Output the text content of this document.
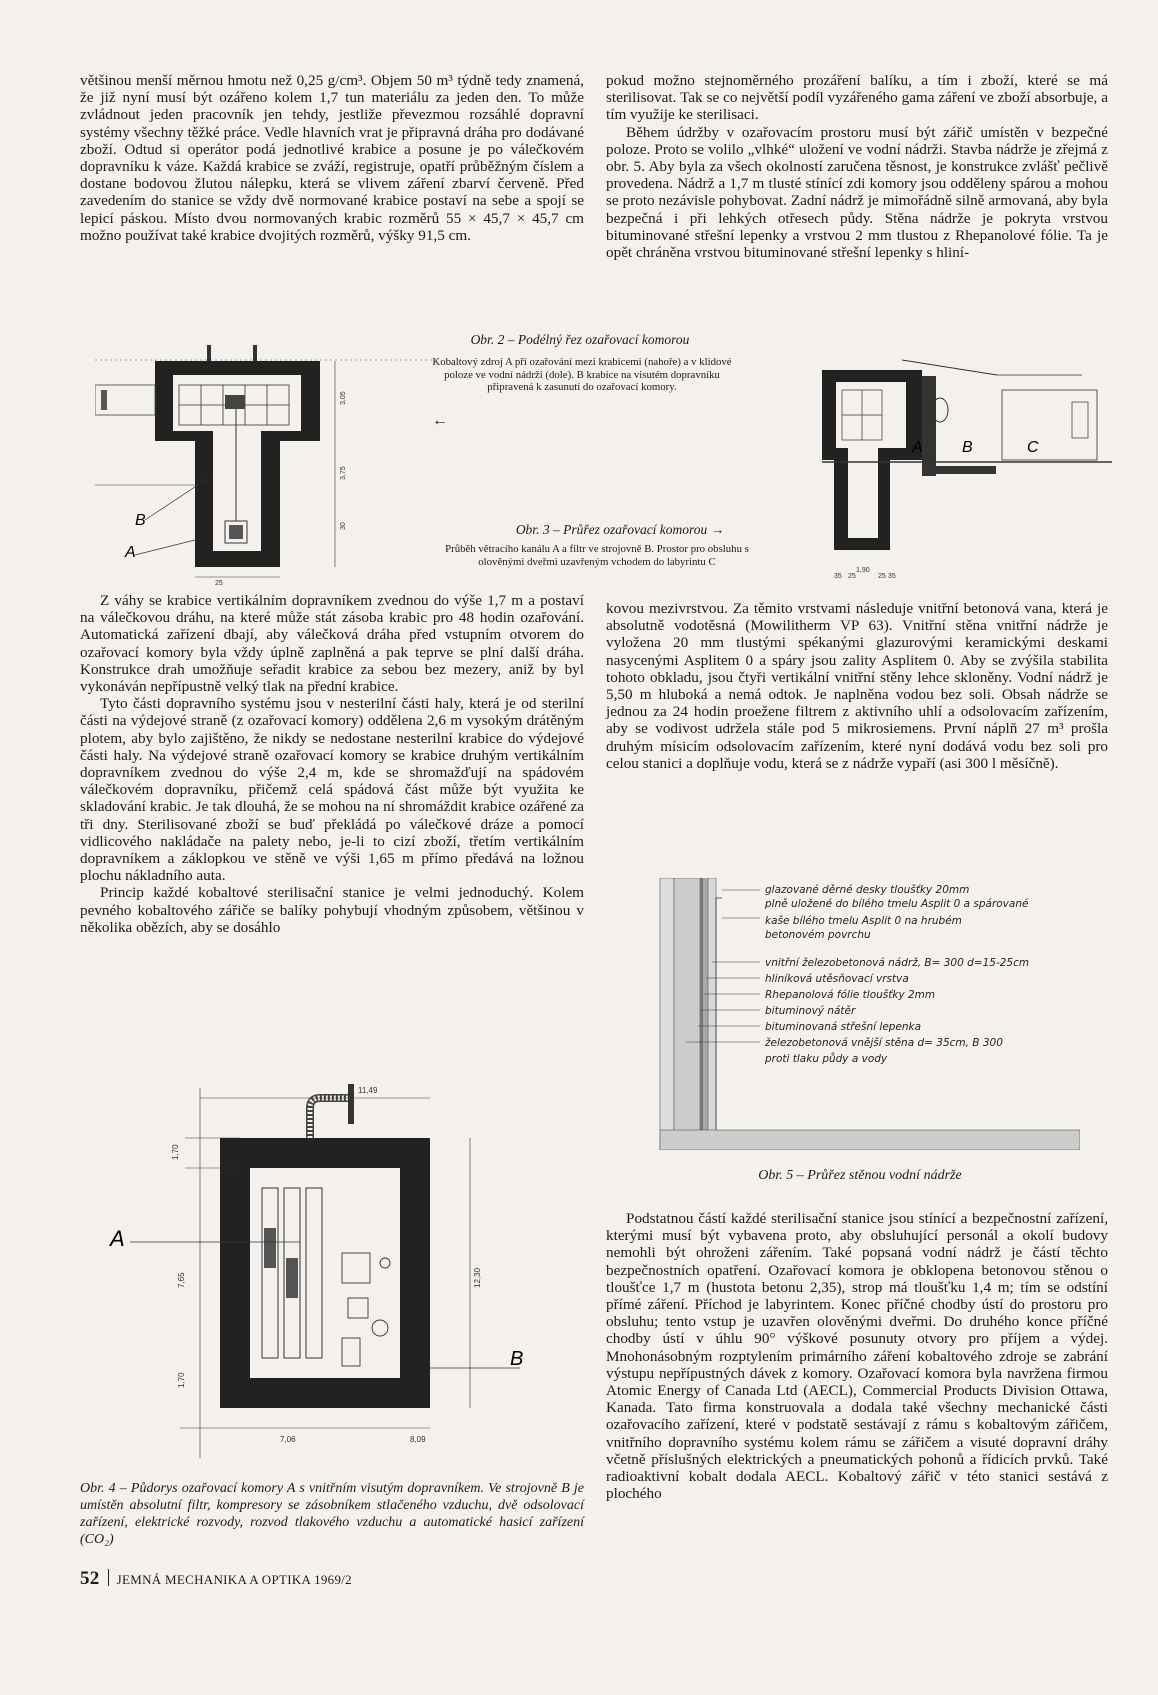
většinou menší měrnou hmotu než 0,25 g/cm³. Objem 50 m³ týdně tedy znamená, že již nyní musí být ozářeno kolem 1,7 tun materiálu za jeden den. To může zvládnout jeden pracovník jen tehdy, jestliže převezmou rozsáhlé dopravní systémy všechny těžké práce. Vedle hlavních vrat je připravná dráha pro dodávané zboží. Odtud si operátor podá jednotlivé krabice a posune je po válečkovém dopravníku k váze. Každá krabice se zváží, registruje, opatří průběžným číslem a dostane bodovou žlutou nálepku, která se vlivem záření zbarví červeně. Před zavedením do stanice se vždy dvě normované krabice postaví na sebe a spojí se lepicí páskou. Místo dvou normovaných krabic rozměrů 55 × 45,7 × 45,7 cm možno používat také krabice dvojitých rozměrů, výšky 91,5 cm.

pokud možno stejnoměrného prozáření balíku, a tím i zboží, které se má sterilisovat. Tak se co největší podíl vyzářeného gama záření ve zboží absorbuje, a tím využije ke sterilisaci.

Během údržby v ozařovacím prostoru musí být zářič umístěn v bezpečné poloze. Proto se volilo „vlhké“ uložení ve vodní nádrži. Stavba nádrže je zřejmá z obr. 5. Aby byla za všech okolností zaručena těsnost, je konstrukce zvlášť pečlivě provedena. Nádrž a 1,7 m tlusté stínící zdi komory jsou odděleny spárou a mohou se proto nezávisle pohybovat. Zadní nádrž je mimořádně silně armovaná, aby byla bezpečná i při lehkých otřesech půdy. Stěna nádrže je pokryta vrstvou bituminované střešní lepenky a vrstvou 2 mm tlustou z Rhepanolové fólie. Ta je opět chráněna vrstvou bituminované střešní lepenky s hliní-

B
A
3,05
3,75
30
25
Obr. 2 – Podélný řez ozařovací komorou
Kobaltový zdroj A při ozařování mezi krabicemi (nahoře) a v klidové poloze ve vodní nádrži (dole). B krabice na visutém dopravníku připravená k zasunutí do ozařovací komory.
←
A B	C
35 25
1,90
25 35
Obr. 3 – Průřez ozařovací komorou →
Průběh větracího kanálu A a filtr ve strojovně B. Prostor pro obsluhu s olověnými dveřmi uzavřeným vchodem do labyrintu C

Z váhy se krabice vertikálním dopravníkem zvednou do výše 1,7 m a postaví na válečkovou dráhu, na které může stát zásoba krabic pro 48 hodin ozařování. Automatická zařízení dbají, aby válečková dráha před vstupním otvorem do ozařovací komory byla vždy úplně zaplněná a pak teprve se plní další dráha. Konstrukce drah umožňuje seřadit krabice za sebou bez mezery, aniž by byl vykonáván nepřípustně velký tlak na přední krabice.

Tyto části dopravního systému jsou v nesterilní části haly, která je od sterilní části na výdejové straně (z ozařovací komory) oddělena 2,6 m vysokým drátěným plotem, aby bylo zajištěno, že nikdy se nedostane nesterilní krabice do výdejové části haly. Na výdejové straně ozařovací komory se krabice druhým vertikálním dopravníkem zvednou do výše 2,4 m, kde se shromažďují na spádovém válečkovém dopravníku, přičemž celá spádová část může být využita ke skladování krabic. Je tak dlouhá, že se mohou na ní shromáždit krabice ozářené za tři dny. Sterilisované zboží se buď překládá po válečkové dráze a pomocí vidlicového nakládače na palety nebo, je-li to cizí zboží, třetím vertikálním dopravníkem a záklopkou ve stěně ve výši 1,65 m přímo předává na ložnou plochu nákladního auta.

Princip každé kobaltové sterilisační stanice je velmi jednoduchý. Kolem pevného kobaltového zářiče se balíky pohybují vhodným způsobem, většinou v několika obězích, aby se dosáhlo

kovou mezivrstvou. Za těmito vrstvami následuje vnitřní betonová vana, která je absolutně vodotěsná (Mowilitherm VP 63). Vnitřní stěna vnitřní nádrže je vyložena 20 mm tlustými spékanými glazurovými keramickými deskami nasycenými Asplitem 0 a spáry jsou zality Asplitem 0. Aby se zvýšila stabilita tohoto obkladu, jsou čtyři vertikální vnitřní stěny lehce skloněny. Vodní nádrž je 5,50 m hluboká a nemá odtok. Je naplněna vodou bez soli. Obsah nádrže se jednou za 24 hodin proežene filtrem z aktivního uhlí a odsolovacím zařízením, aby se vodivost udržela stále pod 5 mikrosiemens. První náplň 27 m³ prošla druhým mísicím odsolovacím zařízením, které nyní dodává vodu bez soli pro celou stanici a doplňuje vodu, která se z nádrže vypaří (asi 300 l měsíčně).

glazované děrné desky tloušťky 20mm
plně uložené do bílého tmelu Asplit 0 a spárované
kaše bílého tmelu Asplit 0 na hrubém
betonovém povrchu
vnitřní železobetonová nádrž, B= 300 d=15-25cm
hliníková utěsňovací vrstva
Rhepanolová fólie tloušťky 2mm
bituminový nátěr
bituminovaná střešní lepenka
železobetonová vnější stěna d= 35cm, B 300
proti tlaku půdy a vody
Obr. 5 – Průřez stěnou vodní nádrže

Podstatnou částí každé sterilisační stanice jsou stínící a bezpečnostní zařízení, kterými musí být vybavena proto, aby obsluhující personál a okolí budovy nemohli být ohroženi zářením. Také popsaná vodní nádrž je částí těchto bezpečnostních opatření. Ozařovací komora je obklopena betonovou stěnou o tloušťce 1,7 m (hustota betonu 2,35), strop má tloušťku 1,4 m; tím se odstíní přímé záření. Příchod je labyrintem. Konec příčné chodby ústí do prostoru pro obsluhu; tento vstup je uzavřen olověnými dveřmi. Do druhého konce příčné chodby ústí v úhlu 90° výškové posunuty otvory pro příjem a výdej. Mnohonásobným rozptylením primárního záření kobaltového zdroje se zabrání výstupu nepřípustných dávek z komory. Ozařovací komora byla navržena firmou Atomic Energy of Canada Ltd (AECL), Commercial Products Division Ottawa, Kanada. Tato firma konstruovala a dodala také všechny mechanické části ozařovacího zařízení, které v podstatě sestávají z rámu s kobaltovým zářičem, vnitřního dopravního systému kolem rámu se zářičem a visuté dopravní dráhy včetně příslušných elektrických a pneumatických pohonů a řídicích prvků. Také radioaktivní kobalt dodala AECL. Kobaltový zářič v této stanici sestává z plochého

A
B
11,49
1,70
7,65	12,30
1,70
7,06	8,09
Obr. 4 – Půdorys ozařovací komory A s vnitřním visutým dopravníkem. Ve strojovně B je umístěn absolutní filtr, kompresory se zásobníkem stlačeného vzduchu, dvě odsolovací zařízení, elektrické rozvody, rozvod tlakového vzduchu a automatické hasicí zařízení (CO₂)
52 JEMNÁ MECHANIKA A OPTIKA 1969/2
